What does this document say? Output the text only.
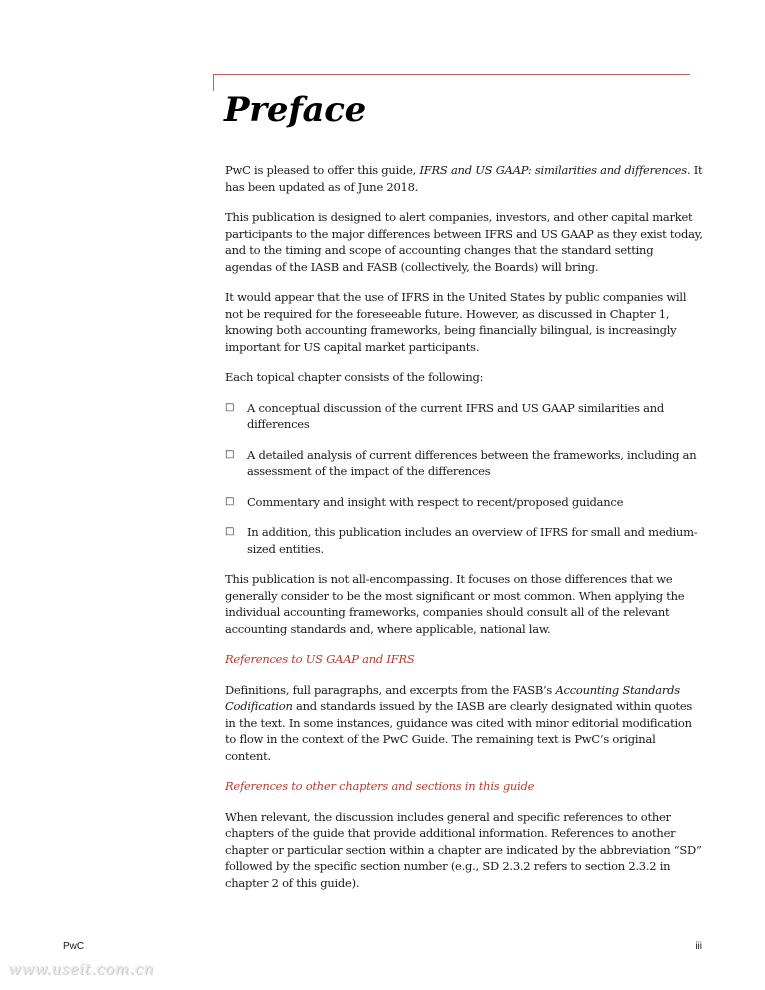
Preface

PwC is pleased to offer this guide, IFRS and US GAAP: similarities and differences. It has been updated as of June 2018.

This publication is designed to alert companies, investors, and other capital market participants to the major differences between IFRS and US GAAP as they exist today, and to the timing and scope of accounting changes that the standard setting agendas of the IASB and FASB (collectively, the Boards) will bring.

It would appear that the use of IFRS in the United States by public companies will not be required for the foreseeable future. However, as discussed in Chapter 1, knowing both accounting frameworks, being financially bilingual, is increasingly important for US capital market participants.

Each topical chapter consists of the following:

□ A conceptual discussion of the current IFRS and US GAAP similarities and differences
□ A detailed analysis of current differences between the frameworks, including an assessment of the impact of the differences
□ Commentary and insight with respect to recent/proposed guidance
□ In addition, this publication includes an overview of IFRS for small and medium-sized entities.

This publication is not all-encompassing. It focuses on those differences that we generally consider to be the most significant or most common. When applying the individual accounting frameworks, companies should consult all of the relevant accounting standards and, where applicable, national law.

References to US GAAP and IFRS

Definitions, full paragraphs, and excerpts from the FASB’s Accounting Standards Codification and standards issued by the IASB are clearly designated within quotes in the text. In some instances, guidance was cited with minor editorial modification to flow in the context of the PwC Guide. The remaining text is PwC’s original content.

References to other chapters and sections in this guide

When relevant, the discussion includes general and specific references to other chapters of the guide that provide additional information. References to another chapter or particular section within a chapter are indicated by the abbreviation “SD” followed by the specific section number (e.g., SD 2.3.2 refers to section 2.3.2 in chapter 2 of this guide).

PwC	iii
www.useit.com.cn
